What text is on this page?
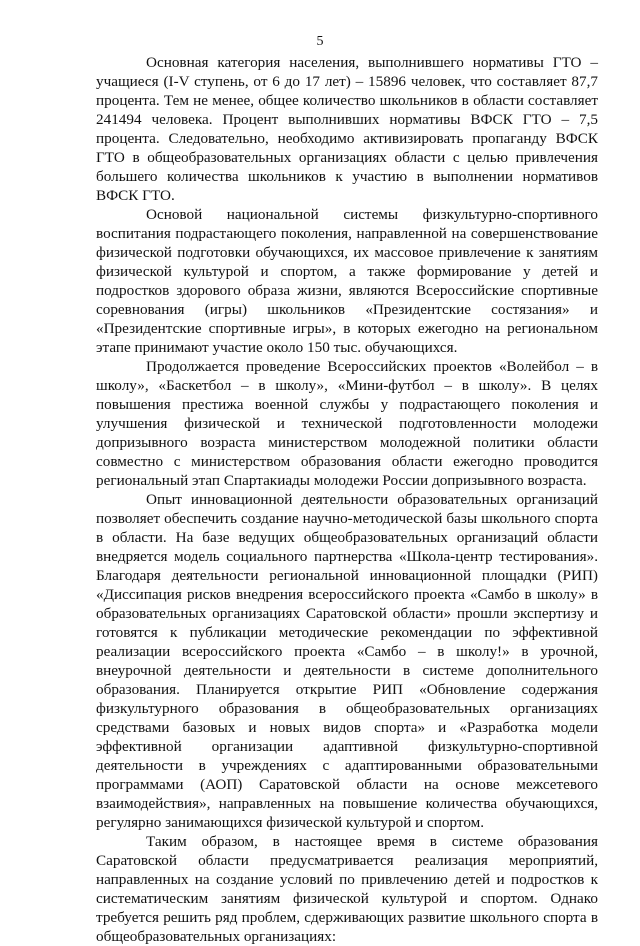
5

Основная категория населения, выполнившего нормативы ГТО – учащиеся (I-V ступень, от 6 до 17 лет) – 15896 человек, что составляет 87,7 процента. Тем не менее, общее количество школьников в области составляет 241494 человека. Процент выполнивших нормативы ВФСК ГТО – 7,5 процента. Следовательно, необходимо активизировать пропаганду ВФСК ГТО в общеобразовательных организациях области с целью привлечения большего количества школьников к участию в выполнении нормативов ВФСК ГТО.

Основой национальной системы физкультурно-спортивного воспитания подрастающего поколения, направленной на совершенствование физической подготовки обучающихся, их массовое привлечение к занятиям физической культурой и спортом, а также формирование у детей и подростков здорового образа жизни, являются Всероссийские спортивные соревнования (игры) школьников «Президентские состязания» и «Президентские спортивные игры», в которых ежегодно на региональном этапе принимают участие около 150 тыс. обучающихся.

Продолжается проведение Всероссийских проектов «Волейбол – в школу», «Баскетбол – в школу», «Мини-футбол – в школу». В целях повышения престижа военной службы у подрастающего поколения и улучшения физической и технической подготовленности молодежи допризывного возраста министерством молодежной политики области совместно с министерством образования области ежегодно проводится региональный этап Спартакиады молодежи России допризывного возраста.

Опыт инновационной деятельности образовательных организаций позволяет обеспечить создание научно-методической базы школьного спорта в области. На базе ведущих общеобразовательных организаций области внедряется модель социального партнерства «Школа-центр тестирования». Благодаря деятельности региональной инновационной площадки (РИП) «Диссипация рисков внедрения всероссийского проекта «Самбо в школу» в образовательных организациях Саратовской области» прошли экспертизу и готовятся к публикации методические рекомендации по эффективной реализации всероссийского проекта «Самбо – в школу!» в урочной, внеурочной деятельности и деятельности в системе дополнительного образования. Планируется открытие РИП «Обновление содержания физкультурного образования в общеобразовательных организациях средствами базовых и новых видов спорта» и «Разработка модели эффективной организации адаптивной физкультурно-спортивной деятельности в учреждениях с адаптированными образовательными программами (АОП) Саратовской области на основе межсетевого взаимодействия», направленных на повышение количества обучающихся, регулярно занимающихся физической культурой и спортом.

Таким образом, в настоящее время в системе образования Саратовской области предусматривается реализация мероприятий, направленных на создание условий по привлечению детей и подростков к систематическим занятиям физической культурой и спортом. Однако требуется решить ряд проблем, сдерживающих развитие школьного спорта в общеобразовательных организациях:
